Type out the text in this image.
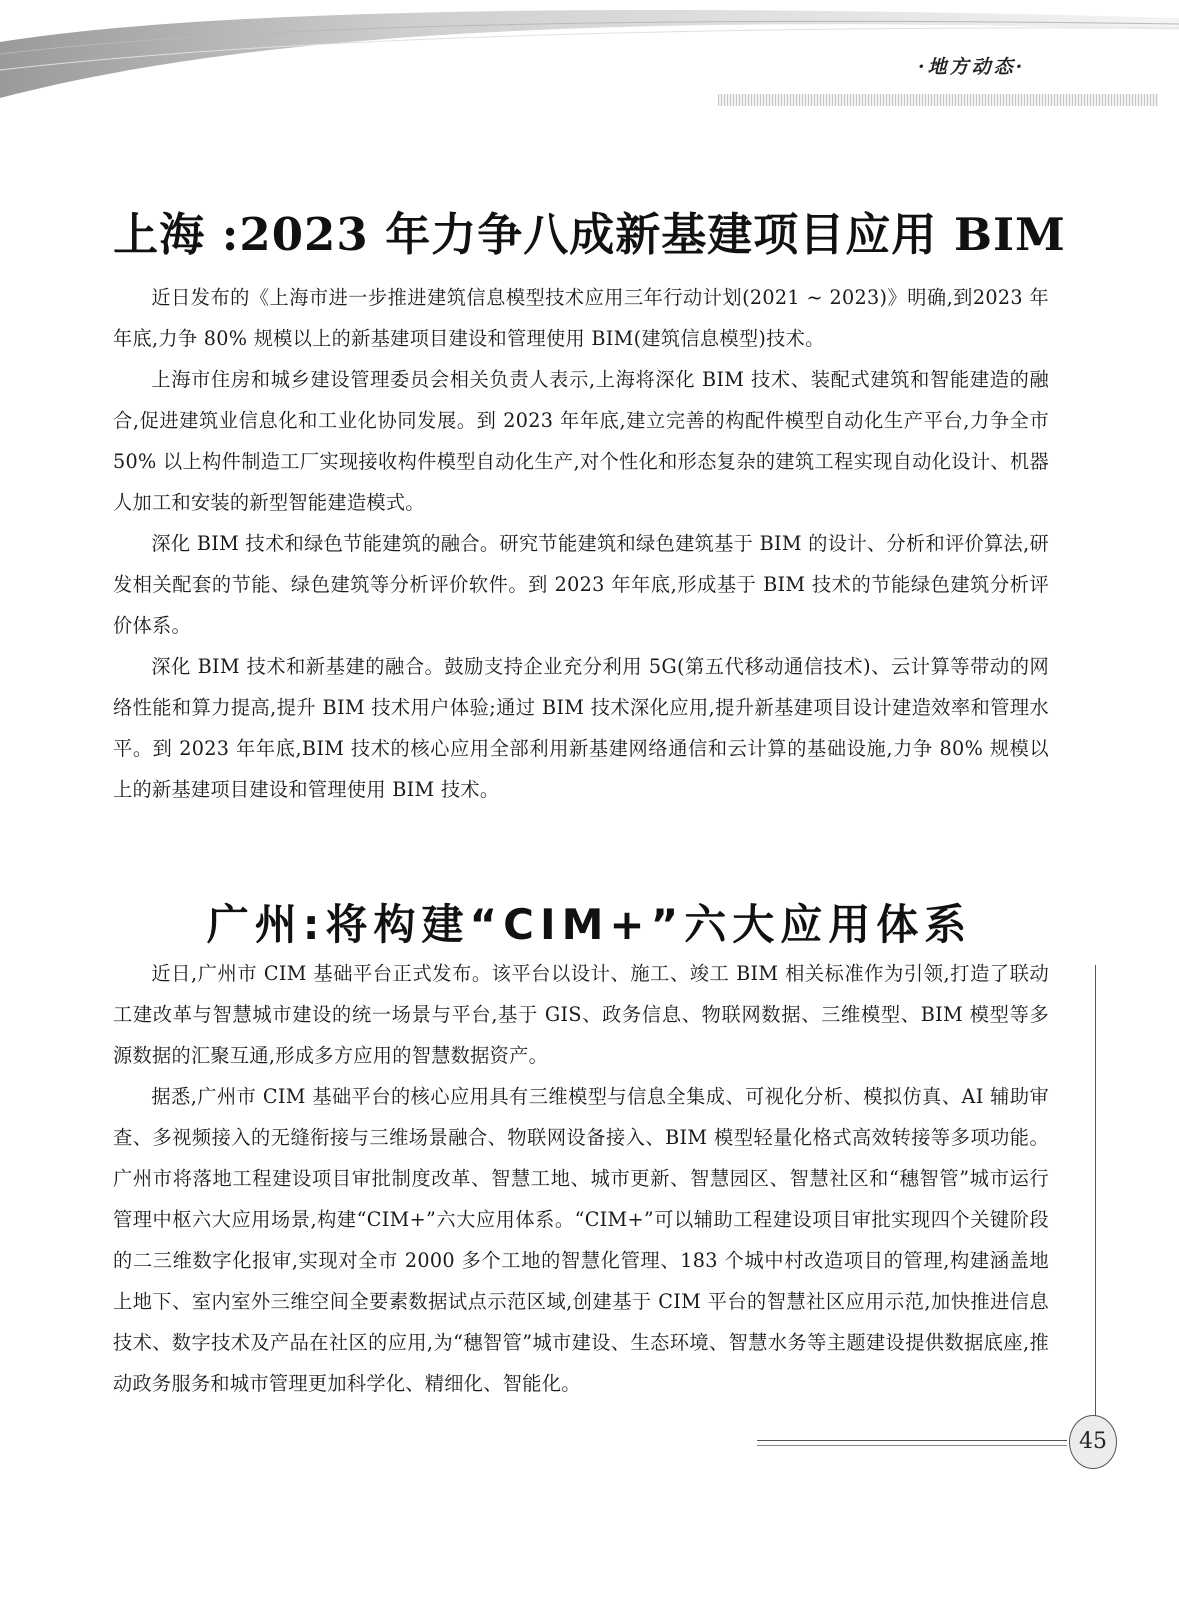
·地方动态·
上海 :2023 年力争八成新基建项目应用 BIM

近日发布的《上海市进一步推进建筑信息模型技术应用三年行动计划(2021 ~ 2023)》明确,到2023 年年底,力争 80% 规模以上的新基建项目建设和管理使用 BIM(建筑信息模型)技术。

上海市住房和城乡建设管理委员会相关负责人表示,上海将深化 BIM 技术、装配式建筑和智能建造的融合,促进建筑业信息化和工业化协同发展。到 2023 年年底,建立完善的构配件模型自动化生产平台,力争全市 50% 以上构件制造工厂实现接收构件模型自动化生产,对个性化和形态复杂的建筑工程实现自动化设计、机器人加工和安装的新型智能建造模式。

深化 BIM 技术和绿色节能建筑的融合。研究节能建筑和绿色建筑基于 BIM 的设计、分析和评价算法,研发相关配套的节能、绿色建筑等分析评价软件。到 2023 年年底,形成基于 BIM 技术的节能绿色建筑分析评价体系。

深化 BIM 技术和新基建的融合。鼓励支持企业充分利用 5G(第五代移动通信技术)、云计算等带动的网络性能和算力提高,提升 BIM 技术用户体验;通过 BIM 技术深化应用,提升新基建项目设计建造效率和管理水平。到 2023 年年底,BIM 技术的核心应用全部利用新基建网络通信和云计算的基础设施,力争 80% 规模以上的新基建项目建设和管理使用 BIM 技术。

广州:将构建“CIM+”六大应用体系

近日,广州市 CIM 基础平台正式发布。该平台以设计、施工、竣工 BIM 相关标准作为引领,打造了联动工建改革与智慧城市建设的统一场景与平台,基于 GIS、政务信息、物联网数据、三维模型、BIM 模型等多源数据的汇聚互通,形成多方应用的智慧数据资产。

据悉,广州市 CIM 基础平台的核心应用具有三维模型与信息全集成、可视化分析、模拟仿真、AI 辅助审查、多视频接入的无缝衔接与三维场景融合、物联网设备接入、BIM 模型轻量化格式高效转接等多项功能。广州市将落地工程建设项目审批制度改革、智慧工地、城市更新、智慧园区、智慧社区和“穗智管”城市运行管理中枢六大应用场景,构建“CIM+”六大应用体系。“CIM+”可以辅助工程建设项目审批实现四个关键阶段的二三维数字化报审,实现对全市 2000 多个工地的智慧化管理、183 个城中村改造项目的管理,构建涵盖地上地下、室内室外三维空间全要素数据试点示范区域,创建基于 CIM 平台的智慧社区应用示范,加快推进信息技术、数字技术及产品在社区的应用,为“穗智管”城市建设、生态环境、智慧水务等主题建设提供数据底座,推动政务服务和城市管理更加科学化、精细化、智能化。

45
